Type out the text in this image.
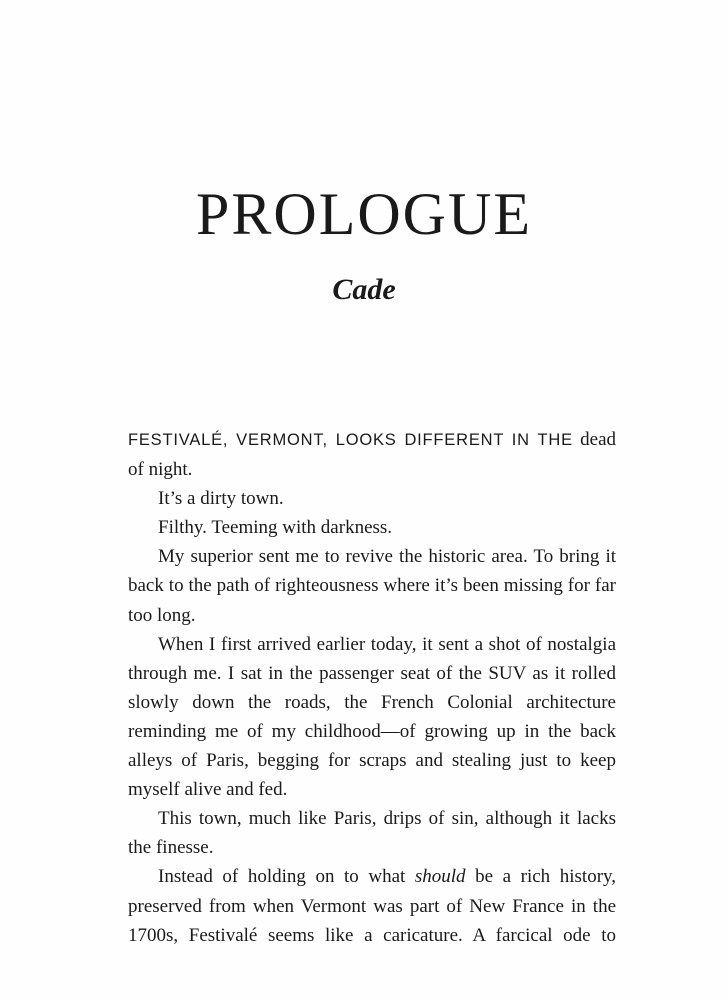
PROLOGUE
Cade

FESTIVALÉ, VERMONT, LOOKS DIFFERENT IN THE dead of night.

It’s a dirty town.

Filthy. Teeming with darkness.

My superior sent me to revive the historic area. To bring it back to the path of righteousness where it’s been missing for far too long.

When I first arrived earlier today, it sent a shot of nostalgia through me. I sat in the passenger seat of the SUV as it rolled slowly down the roads, the French Colonial architecture reminding me of my childhood—of growing up in the back alleys of Paris, begging for scraps and stealing just to keep myself alive and fed.

This town, much like Paris, drips of sin, although it lacks the finesse.

Instead of holding on to what should be a rich history, preserved from when Vermont was part of New France in the 1700s, Festivalé seems like a caricature. A farcical ode to
